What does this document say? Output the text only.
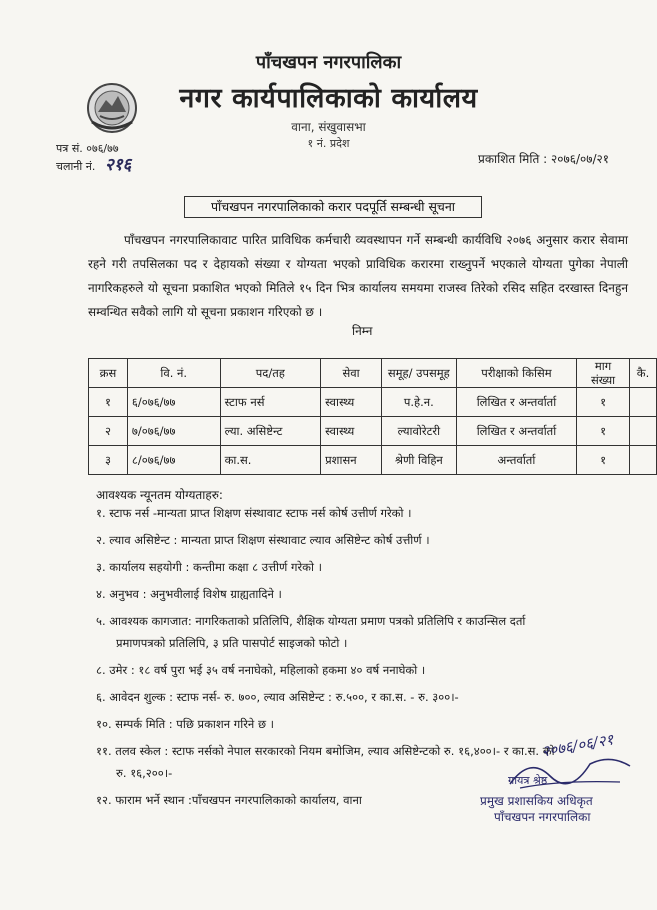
पाँचखपन नगरपालिका
नगर कार्यपालिकाको कार्यालय
वाना, संखुवासभा
१ नं. प्रदेश
पत्र सं. ०७६/७७
चलानी नं. २१६	प्रकाशित मिति : २०७६/०७/२१
पाँचखपन नगरपालिकाको करार पदपूर्ति सम्बन्धी सूचना
पाँचखपन नगरपालिकावाट पारित प्राविधिक कर्मचारी व्यवस्थापन गर्ने सम्बन्धी कार्यविधि २०७६ अनुसार करार सेवामा रहने गरी तपसिलका पद र देहायको संख्या र योग्यता भएको प्राविधिक करारमा राख्नुपर्ने भएकाले योग्यता पुगेका नेपाली नागरिकहरुले यो सूचना प्रकाशित भएको मितिले १५ दिन भित्र कार्यालय समयमा राजस्व तिरेको रसिद सहित दरखास्त दिनहुन सम्वन्धित सवैको लागि यो सूचना प्रकाशन गरिएको छ ।
निम्न
क्रस	वि. नं.	पद/तह	सेवा	समूह/ उपसमूह	परीक्षाको किसिम	माग संख्या	कै.
१	६/०७६/७७	स्टाफ नर्स	स्वास्थ्य	प.हे.न.	लिखित र अन्तर्वार्ता	१	
२	७/०७६/७७	ल्या. असिष्टेन्ट	स्वास्थ्य	ल्यावोरेटरी	लिखित र अन्तर्वार्ता	१	
३	८/०७६/७७	का.स.	प्रशासन	श्रेणी विहिन	अन्तर्वार्ता	१	
आवश्यक न्यूनतम योग्यताहरु:
१. स्टाफ नर्स -मान्यता प्राप्त शिक्षण संस्थावाट स्टाफ नर्स कोर्ष उत्तीर्ण गरेको ।
२. ल्याव असिष्टेन्ट : मान्यता प्राप्त शिक्षण संस्थावाट ल्याव असिष्टेन्ट कोर्ष उत्तीर्ण ।
३. कार्यालय सहयोगी : कन्तीमा कक्षा ८ उत्तीर्ण गरेको ।
४. अनुभव : अनुभवीलाई विशेष ग्राह्यतादिने ।
५. आवश्यक कागजात: नागरिकताको प्रतिलिपि, शैक्षिक योग्यता प्रमाण पत्रको प्रतिलिपि र काउन्सिल दर्ता
प्रमाणपत्रको प्रतिलिपि, ३ प्रति पासपोर्ट साइजको फोटो ।
८. उमेर : १८ वर्ष पुरा भई ३५ वर्ष ननाघेको, महिलाको हकमा ४० वर्ष ननाघेको ।
६. आवेदन शुल्क : स्टाफ नर्स- रु. ७००, ल्याव असिष्टेन्ट : रु.५००, र का.स. - रु. ३००।-
१०. सम्पर्क मिति : पछि प्रकाशन गरिने छ ।
११. तलव स्केल : स्टाफ नर्सको नेपाल सरकारको नियम बमोजिम, ल्याव असिष्टेन्टको रु. १६,४००।- र का.स. को
रु. १६,२००।-
१२. फाराम भर्ने स्थान :पाँचखपन नगरपालिकाको कार्यालय, वाना
२०७६/०६/२१
गायत्र श्रेष्ठ
प्रमुख प्रशासकिय अधिकृत
पाँचखपन नगरपालिका
